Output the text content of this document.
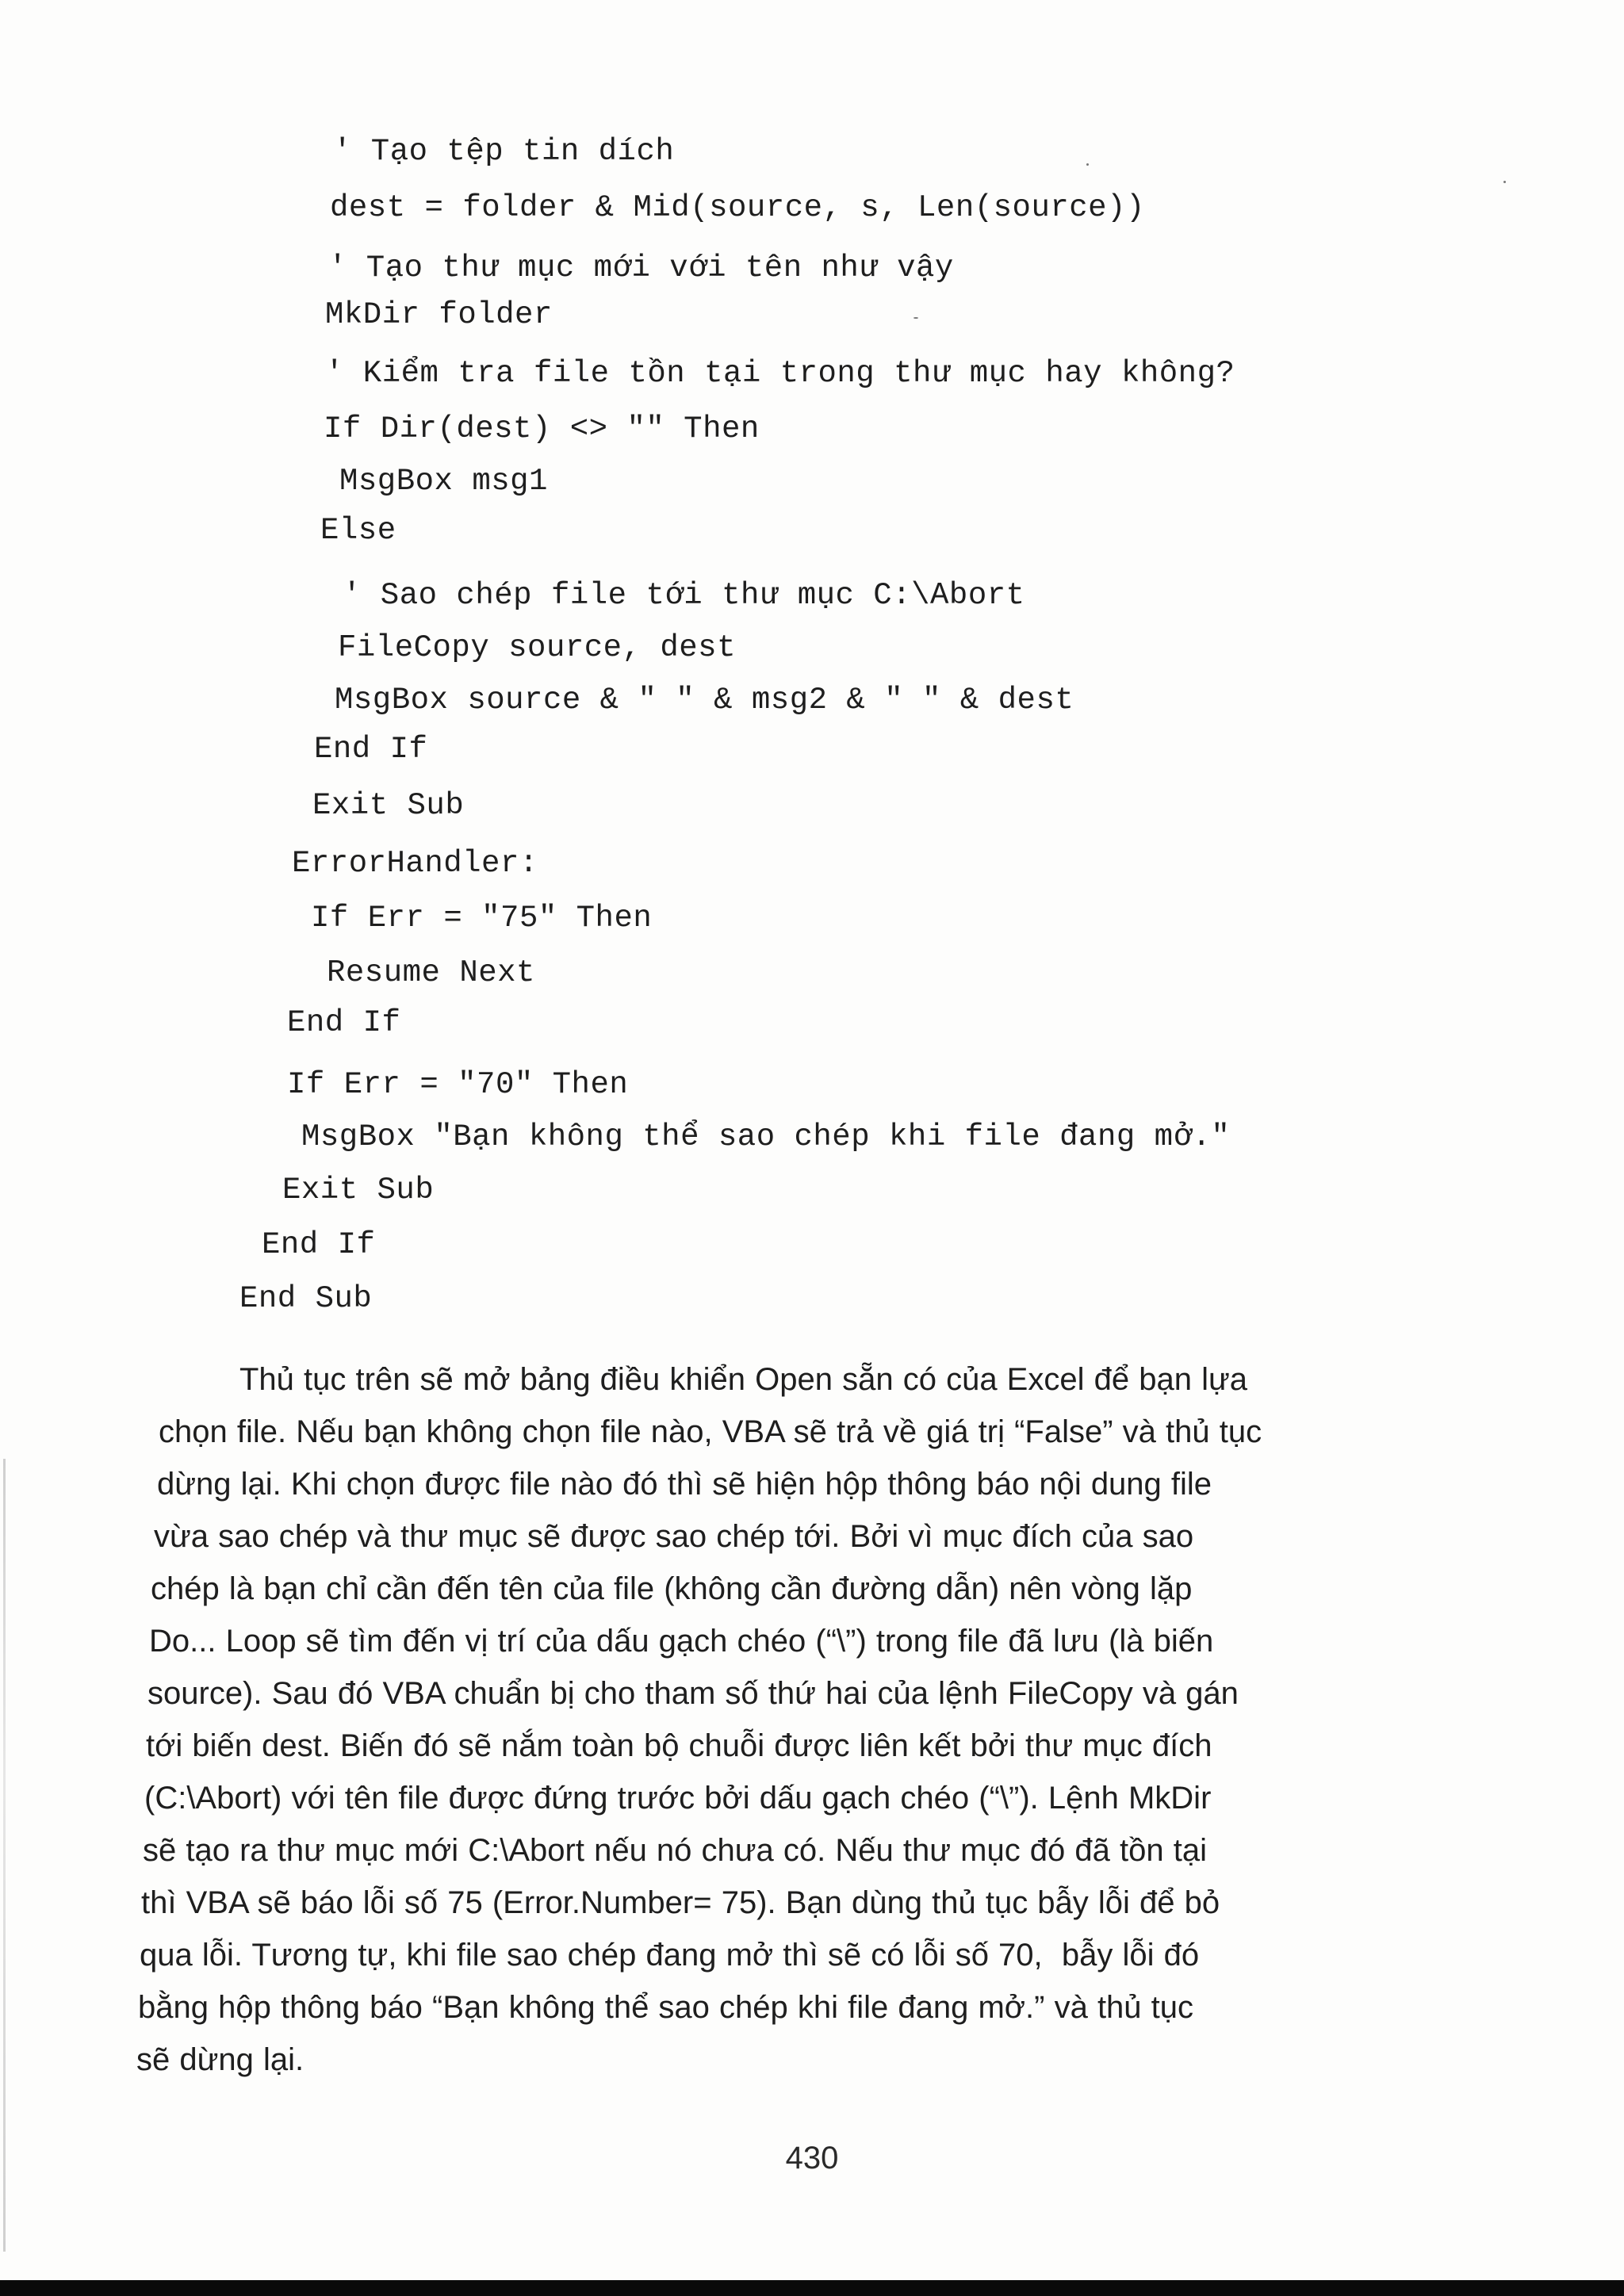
' Tạo tệp tin dích
dest = folder & Mid(source, s, Len(source))
' Tạo thư mục mới với tên như vậy
MkDir folder
' Kiểm tra file tồn tại trong thư mục hay không?
If Dir(dest) <> "" Then
MsgBox msg1
Else
' Sao chép file tới thư mục C:\Abort
FileCopy source, dest
MsgBox source & " " & msg2 & " " & dest
End If
Exit Sub
ErrorHandler:
If Err = "75" Then
Resume Next
End If
If Err = "70" Then
MsgBox "Bạn không thể sao chép khi file đang mở."
Exit Sub
End If
End Sub
Thủ tục trên sẽ mở bảng điều khiển Open sẵn có của Excel để bạn lựa
chọn file. Nếu bạn không chọn file nào, VBA sẽ trả về giá trị “False” và thủ tục
dừng lại. Khi chọn được file nào đó thì sẽ hiện hộp thông báo nội dung file
vừa sao chép và thư mục sẽ được sao chép tới. Bởi vì mục đích của sao
chép là bạn chỉ cần đến tên của file (không cần đường dẫn) nên vòng lặp
Do... Loop sẽ tìm đến vị trí của dấu gạch chéo (“\”) trong file đã lưu (là biến
source). Sau đó VBA chuẩn bị cho tham số thứ hai của lệnh FileCopy và gán
tới biến dest. Biến đó sẽ nắm toàn bộ chuỗi được liên kết bởi thư mục đích
(C:\Abort) với tên file được đứng trước bởi dấu gạch chéo (“\”). Lệnh MkDir
sẽ tạo ra thư mục mới C:\Abort nếu nó chưa có. Nếu thư mục đó đã tồn tại
thì VBA sẽ báo lỗi số 75 (Error.Number= 75). Bạn dùng thủ tục bẫy lỗi để bỏ
qua lỗi. Tương tự, khi file sao chép đang mở thì sẽ có lỗi số 70,  bẫy lỗi đó
bằng hộp thông báo “Bạn không thể sao chép khi file đang mở.” và thủ tục
sẽ dừng lại.
430
